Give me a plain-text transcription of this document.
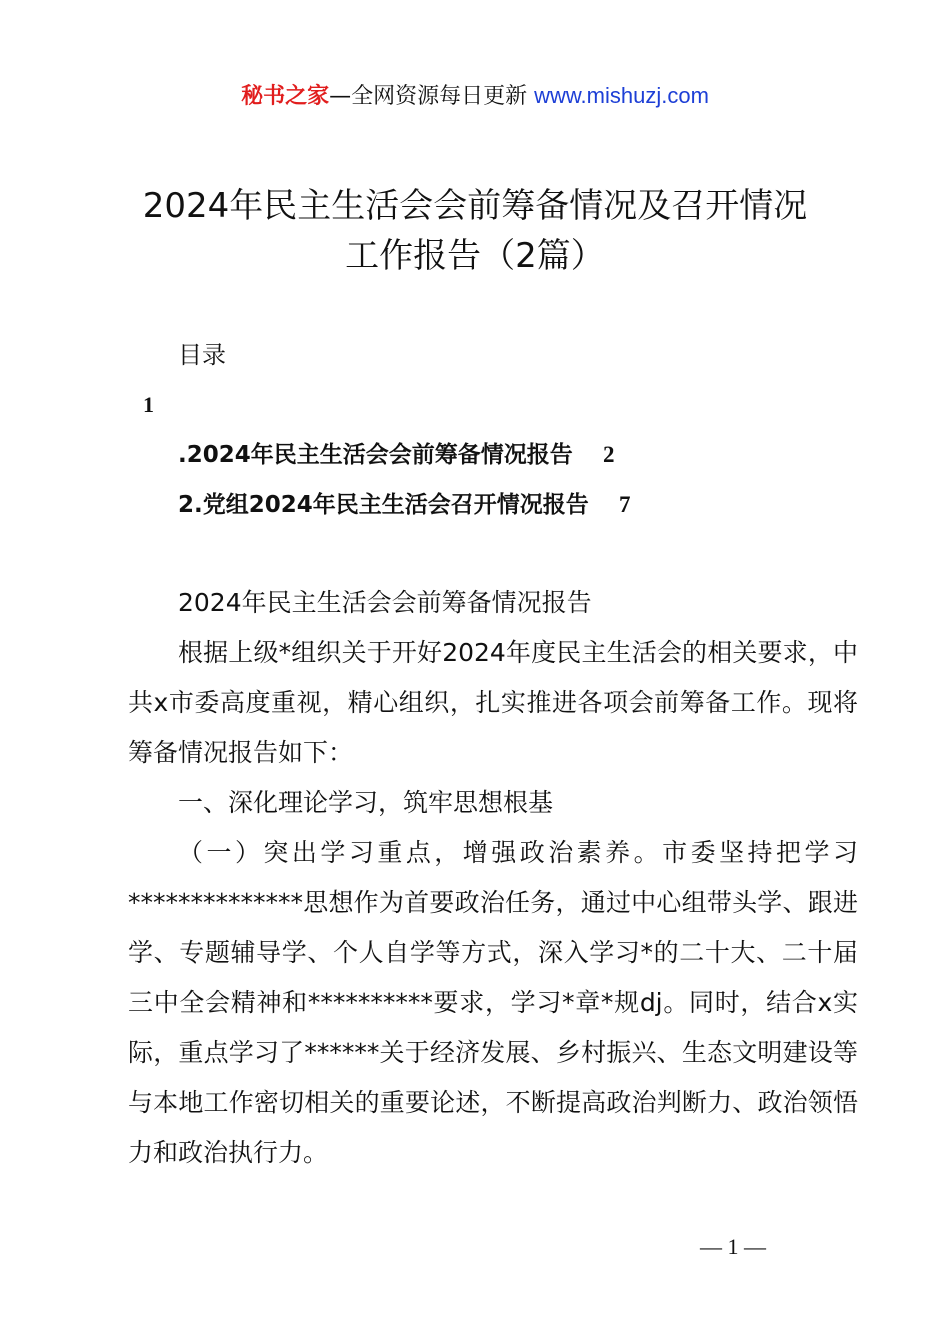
秘书之家—全网资源每日更新 www.mishuzj.com
2024年民主生活会会前筹备情况及召开情况
工作报告（2篇）
目录
1
.2024年民主生活会会前筹备情况报告 2
2.党组2024年民主生活会召开情况报告 7
2024年民主生活会会前筹备情况报告

根据上级*组织关于开好2024年度民主生活会的相关要求，中共x市委高度重视，精心组织，扎实推进各项会前筹备工作。现将筹备情况报告如下：

一、深化理论学习，筑牢思想根基

（一）突出学习重点，增强政治素养。市委坚持把学习**************思想作为首要政治任务，通过中心组带头学、跟进学、专题辅导学、个人自学等方式，深入学习*的二十大、二十届三中全会精神和**********要求，学习*章*规dj。同时，结合x实际，重点学习了******关于经济发展、乡村振兴、生态文明建设等与本地工作密切相关的重要论述，不断提高政治判断力、政治领悟力和政治执行力。

— 1 —
